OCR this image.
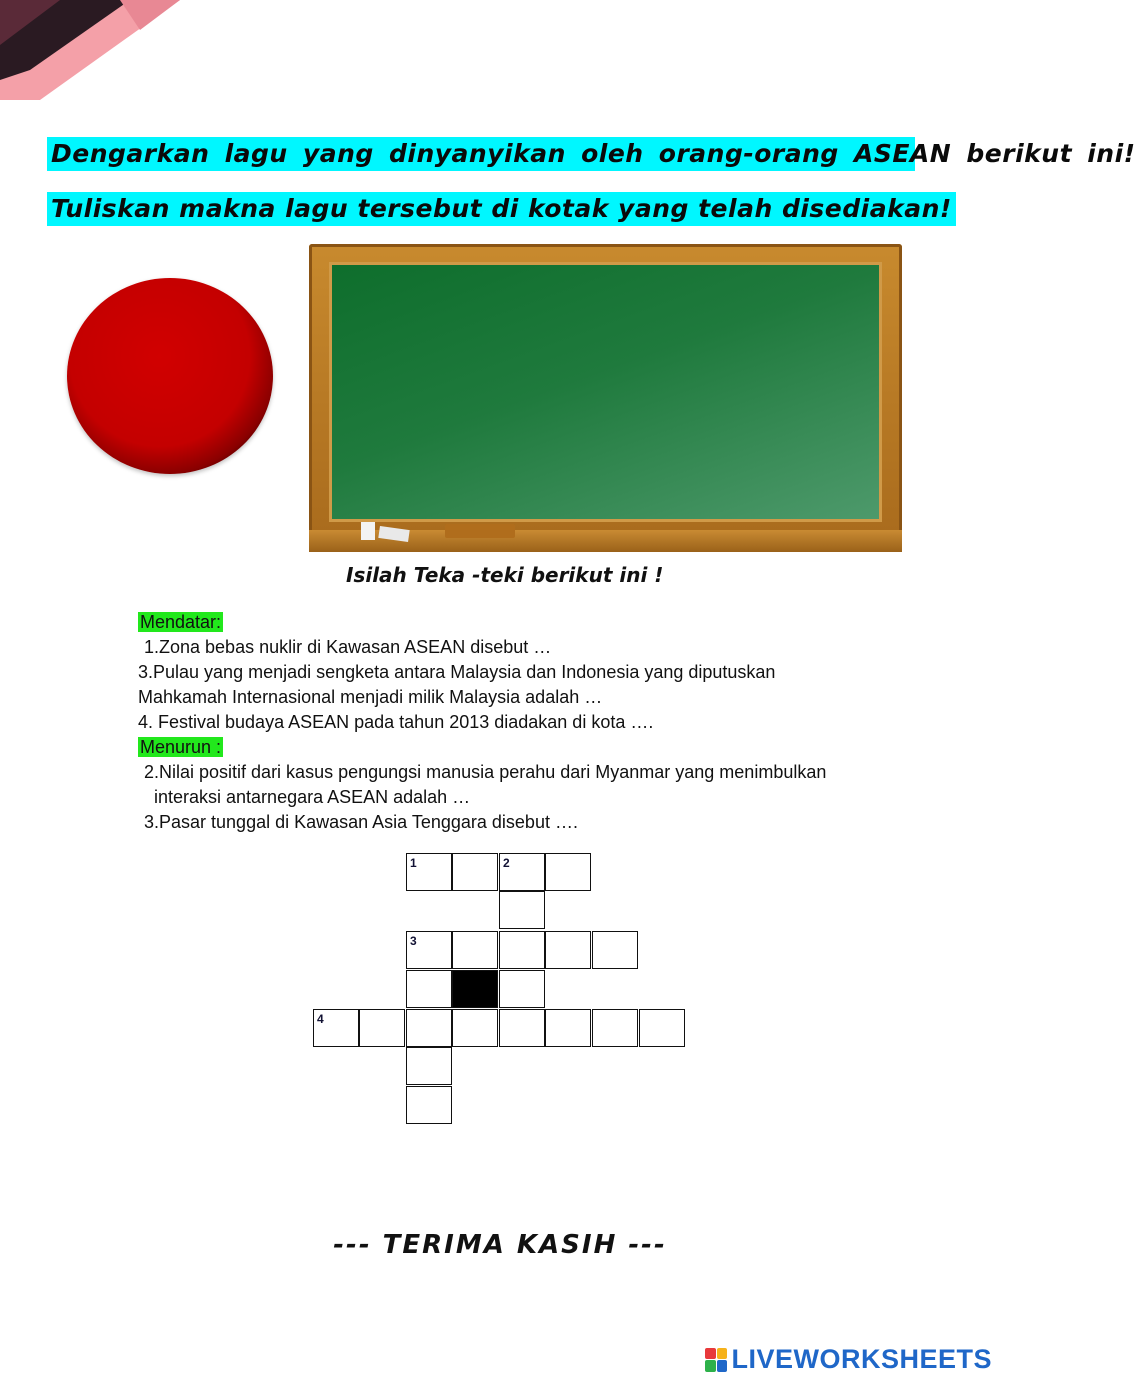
Dengarkan lagu yang dinyanyikan oleh orang-orang ASEAN berikut ini!
Tuliskan makna lagu tersebut di kotak yang telah disediakan!
Isilah Teka -teki berikut ini !
Mendatar:
1.Zona bebas nuklir di Kawasan ASEAN disebut …
3.Pulau yang menjadi sengketa antara Malaysia dan Indonesia yang diputuskan
Mahkamah Internasional menjadi milik Malaysia adalah …
4. Festival budaya ASEAN pada tahun 2013 diadakan di kota ….
Menurun :
2.Nilai positif dari kasus pengungsi manusia perahu dari Myanmar yang menimbulkan
interaksi antarnegara ASEAN adalah …
3.Pasar tunggal di Kawasan Asia Tenggara disebut ….
1	2
3
4
--- TERIMA KASIH ---
LIVEWORKSHEETS
